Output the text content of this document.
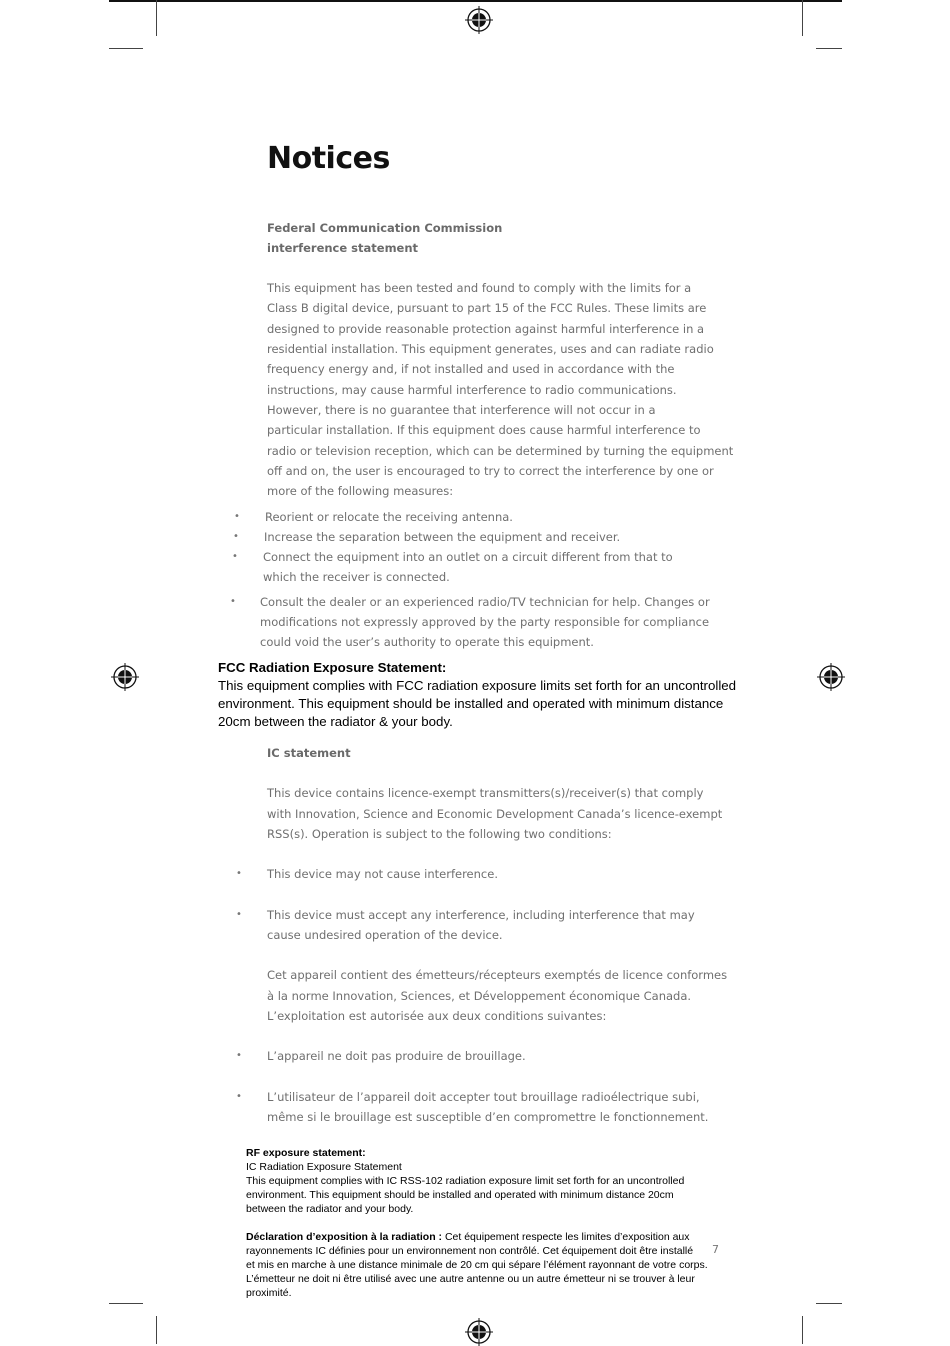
Notices
Federal Communication Commission
interference statement
This equipment has been tested and found to comply with the limits for a
Class B digital device, pursuant to part 15 of the FCC Rules. These limits are
designed to provide reasonable protection against harmful interference in a
residential installation. This equipment generates, uses and can radiate radio
frequency energy and, if not installed and used in accordance with the
instructions, may cause harmful interference to radio communications.
However, there is no guarantee that interference will not occur in a
particular installation. If this equipment does cause harmful interference to
radio or television reception, which can be determined by turning the equipment
off and on, the user is encouraged to try to correct the interference by one or
more of the following measures:
• Reorient or relocate the receiving antenna.
• Increase the separation between the equipment and receiver.
• Connect the equipment into an outlet on a circuit different from that to
which the receiver is connected.
• Consult the dealer or an experienced radio/TV technician for help. Changes or
modifications not expressly approved by the party responsible for compliance
could void the user’s authority to operate this equipment.
FCC Radiation Exposure Statement:
This equipment complies with FCC radiation exposure limits set forth for an uncontrolled
environment. This equipment should be installed and operated with minimum distance
20cm between the radiator & your body.
IC statement
This device contains licence-exempt transmitters(s)/receiver(s) that comply
with Innovation, Science and Economic Development Canada’s licence-exempt
RSS(s). Operation is subject to the following two conditions:
• This device may not cause interference.
• This device must accept any interference, including interference that may
cause undesired operation of the device.
Cet appareil contient des émetteurs/récepteurs exemptés de licence conformes
à la norme Innovation, Sciences, et Développement économique Canada.
L’exploitation est autorisée aux deux conditions suivantes:
• L’appareil ne doit pas produire de brouillage.
• L’utilisateur de l’appareil doit accepter tout brouillage radioélectrique subi,
même si le brouillage est susceptible d’en compromettre le fonctionnement.
RF exposure statement:
IC Radiation Exposure Statement
This equipment complies with IC RSS-102 radiation exposure limit set forth for an uncontrolled
environment. This equipment should be installed and operated with minimum distance 20cm
between the radiator and your body.
Déclaration d’exposition à la radiation : Cet équipement respecte les limites d’exposition aux
rayonnements IC définies pour un environnement non contrôlé. Cet équipement doit être installé
et mis en marche à une distance minimale de 20 cm qui sépare l’élément rayonnant de votre corps.
L’émetteur ne doit ni être utilisé avec une autre antenne ou un autre émetteur ni se trouver à leur
proximité.
7
